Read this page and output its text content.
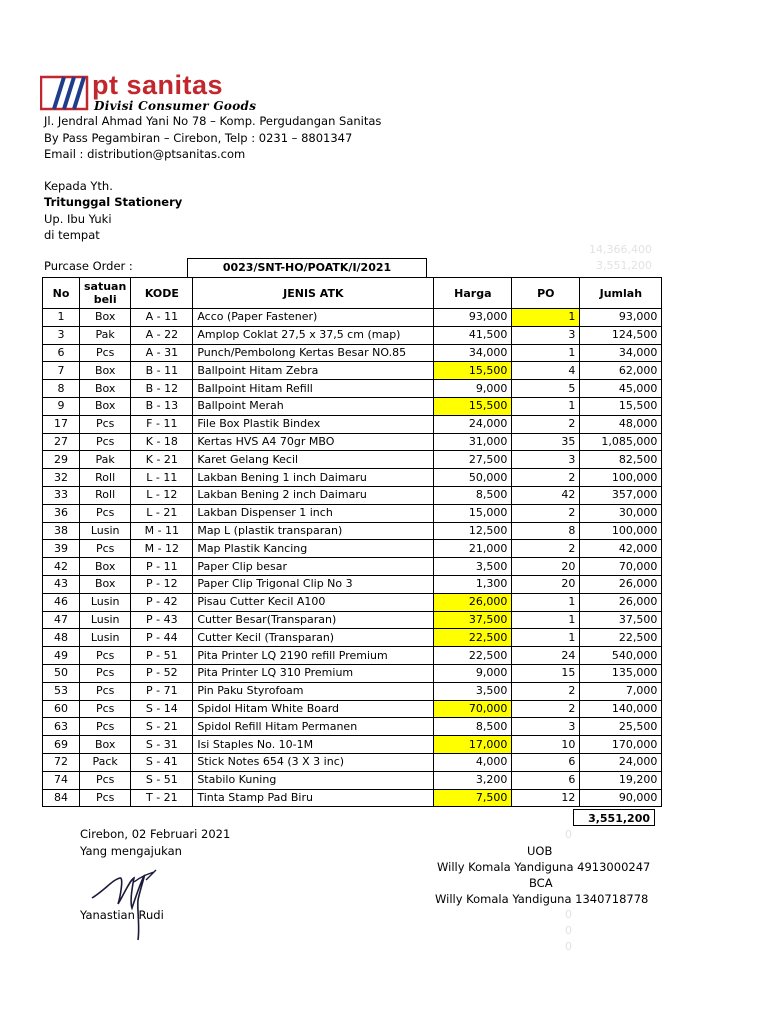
pt sanitas
Divisi Consumer Goods
Jl. Jendral Ahmad Yani No 78 – Komp. Pergudangan Sanitas
By Pass Pegambiran – Cirebon, Telp : 0231 – 8801347
Email : distribution@ptsanitas.com
Kepada Yth.
Tritunggal Stationery
Up. Ibu Yuki
di tempat
14,366,400
3,551,200
Purcase Order :	0023/SNT-HO/POATK/I/2021
No	satuan beli	KODE	JENIS ATK	Harga	PO	Jumlah
1	Box	A - 11	Acco (Paper Fastener)	93,000	1	93,000
3	Pak	A - 22	Amplop Coklat 27,5 x 37,5 cm (map)	41,500	3	124,500
6	Pcs	A - 31	Punch/Pembolong Kertas Besar NO.85	34,000	1	34,000
7	Box	B - 11	Ballpoint Hitam Zebra	15,500	4	62,000
8	Box	B - 12	Ballpoint Hitam Refill	9,000	5	45,000
9	Box	B - 13	Ballpoint Merah	15,500	1	15,500
17	Pcs	F - 11	File Box Plastik Bindex	24,000	2	48,000
27	Pcs	K - 18	Kertas HVS A4 70gr MBO	31,000	35	1,085,000
29	Pak	K - 21	Karet Gelang Kecil	27,500	3	82,500
32	Roll	L - 11	Lakban Bening 1 inch Daimaru	50,000	2	100,000
33	Roll	L - 12	Lakban Bening 2 inch Daimaru	8,500	42	357,000
36	Pcs	L - 21	Lakban Dispenser 1 inch	15,000	2	30,000
38	Lusin	M - 11	Map L (plastik transparan)	12,500	8	100,000
39	Pcs	M - 12	Map Plastik Kancing	21,000	2	42,000
42	Box	P - 11	Paper Clip besar	3,500	20	70,000
43	Box	P - 12	Paper Clip Trigonal Clip No 3	1,300	20	26,000
46	Lusin	P - 42	Pisau Cutter Kecil A100	26,000	1	26,000
47	Lusin	P - 43	Cutter Besar(Transparan)	37,500	1	37,500
48	Lusin	P - 44	Cutter Kecil (Transparan)	22,500	1	22,500
49	Pcs	P - 51	Pita Printer LQ 2190 refill Premium	22,500	24	540,000
50	Pcs	P - 52	Pita Printer LQ 310 Premium	9,000	15	135,000
53	Pcs	P - 71	Pin Paku Styrofoam	3,500	2	7,000
60	Pcs	S - 14	Spidol Hitam White Board	70,000	2	140,000
63	Pcs	S - 21	Spidol Refill Hitam Permanen	8,500	3	25,500
69	Box	S - 31	Isi Staples No. 10-1M	17,000	10	170,000
72	Pack	S - 41	Stick Notes 654 (3 X 3 inc)	4,000	6	24,000
74	Pcs	S - 51	Stabilo Kuning	3,200	6	19,200
84	Pcs	T - 21	Tinta Stamp Pad Biru	7,500	12	90,000
3,551,200
0
0
0
0
Cirebon, 02 Februari 2021
Yang mengajukan
Yanastian Rudi
UOB
Willy Komala Yandiguna 4913000247
BCA
Willy Komala Yandiguna 1340718778
